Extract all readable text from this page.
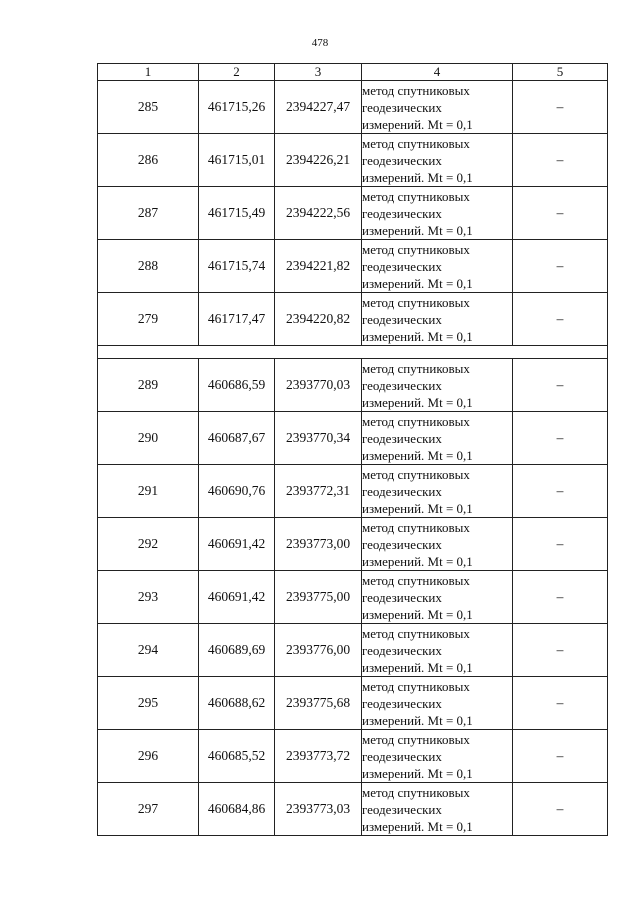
478
1	2	3	4	5
285	461715,26	2394227,47	метод спутниковых
геодезических
измерений. Mt = 0,1	–
286	461715,01	2394226,21	метод спутниковых
геодезических
измерений. Mt = 0,1	–
287	461715,49	2394222,56	метод спутниковых
геодезических
измерений. Mt = 0,1	–
288	461715,74	2394221,82	метод спутниковых
геодезических
измерений. Mt = 0,1	–
279	461717,47	2394220,82	метод спутниковых
геодезических
измерений. Mt = 0,1	–

289	460686,59	2393770,03	метод спутниковых
геодезических
измерений. Mt = 0,1	–
290	460687,67	2393770,34	метод спутниковых
геодезических
измерений. Mt = 0,1	–
291	460690,76	2393772,31	метод спутниковых
геодезических
измерений. Mt = 0,1	–
292	460691,42	2393773,00	метод спутниковых
геодезических
измерений. Mt = 0,1	–
293	460691,42	2393775,00	метод спутниковых
геодезических
измерений. Mt = 0,1	–
294	460689,69	2393776,00	метод спутниковых
геодезических
измерений. Mt = 0,1	–
295	460688,62	2393775,68	метод спутниковых
геодезических
измерений. Mt = 0,1	–
296	460685,52	2393773,72	метод спутниковых
геодезических
измерений. Mt = 0,1	–
297	460684,86	2393773,03	метод спутниковых
геодезических
измерений. Mt = 0,1	–
